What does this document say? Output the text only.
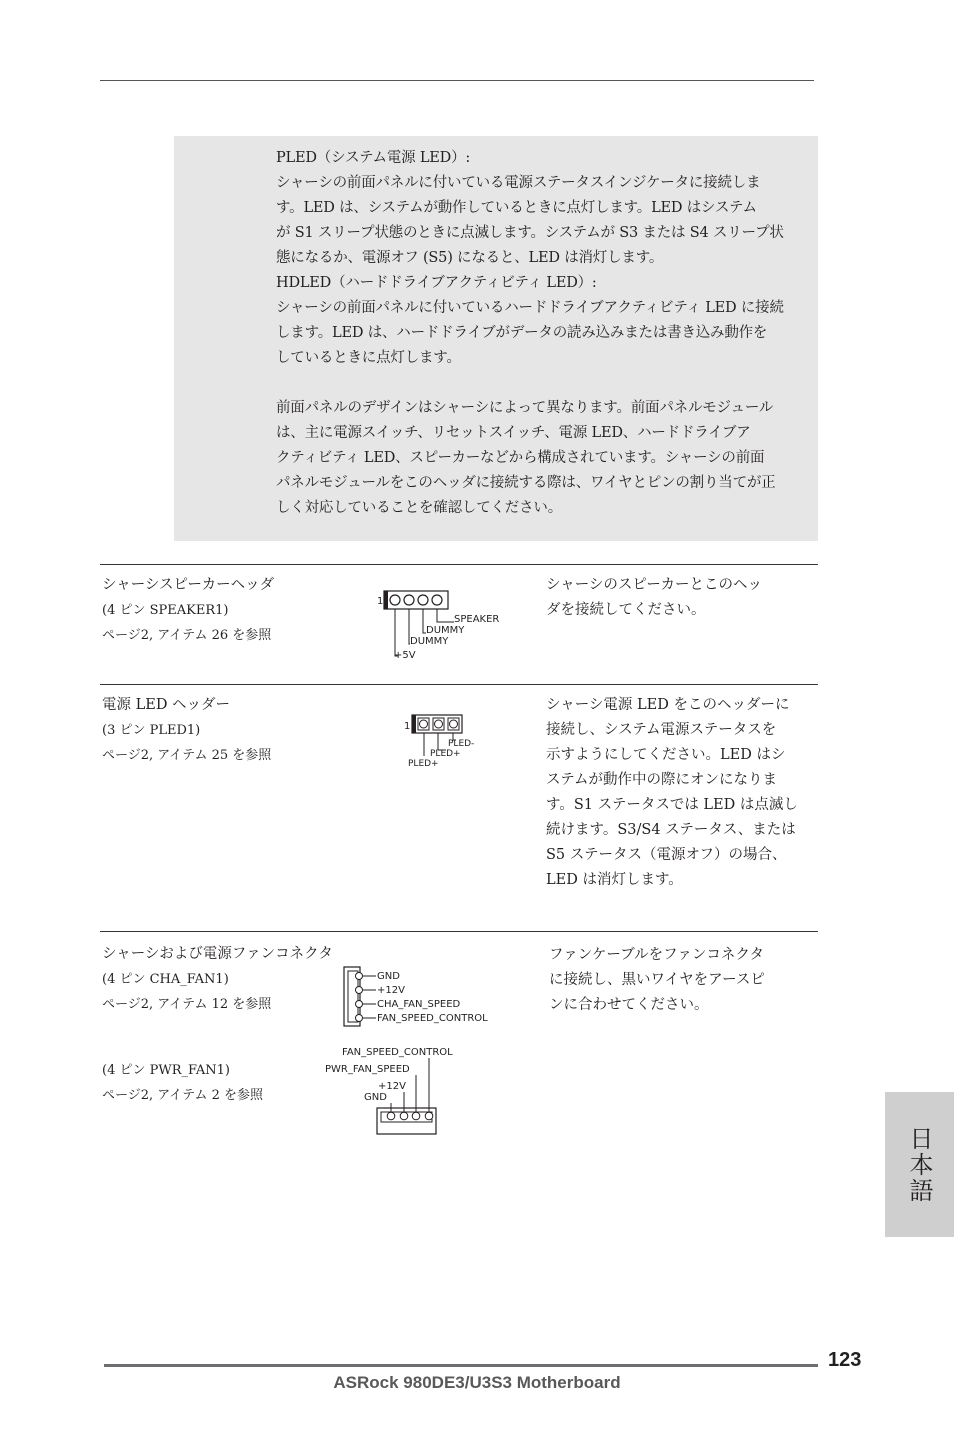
PLED（システム電源 LED）:

シャーシの前面パネルに付いている電源ステータスインジケータに接続しま

す。LED は、システムが動作しているときに点灯します。LED はシステム

が S1 スリープ状態のときに点滅します。システムが S3 または S4 スリープ状

態になるか、電源オフ (S5) になると、LED は消灯します。

HDLED（ハードドライブアクティビティ LED）:

シャーシの前面パネルに付いているハードドライブアクティビティ LED に接続

します。LED は、ハードドライブがデータの読み込みまたは書き込み動作を

しているときに点灯します。

前面パネルのデザインはシャーシによって異なります。前面パネルモジュール

は、主に電源スイッチ、リセットスイッチ、電源 LED、ハードドライブア

クティビティ LED、スピーカーなどから構成されています。シャーシの前面

パネルモジュールをこのヘッダに接続する際は、ワイヤとピンの割り当てが正

しく対応していることを確認してください。

シャーシスピーカーヘッダ
(4 ピン SPEAKER1)
ページ2, アイテム 26 を参照
1
SPEAKER
DUMMY
DUMMY
+5V

シャーシのスピーカーとこのヘッ

ダを接続してください。

電源 LED ヘッダー
(3 ピン PLED1)
ページ2, アイテム 25 を参照
1
PLED-
PLED+
PLED+

シャーシ電源 LED をこのヘッダーに

接続し、システム電源ステータスを

示すようにしてください。LED はシ

ステムが動作中の際にオンになりま

す。S1 ステータスでは LED は点滅し

続けます。S3/S4 ステータス、または

S5 ステータス（電源オフ）の場合、

LED は消灯します。

シャーシおよび電源ファンコネクタ
(4 ピン CHA_FAN1)
ページ2, アイテム 12 を参照
(4 ピン PWR_FAN1)
ページ2, アイテム 2 を参照
GND
+12V
CHA_FAN_SPEED
FAN_SPEED_CONTROL
FAN_SPEED_CONTROL
PWR_FAN_SPEED
+12V
GND

ファンケーブルをファンコネクタ

に接続し、黒いワイヤをアースピ

ンに合わせてください。

日本語
123
ASRock 980DE3/U3S3 Motherboard
